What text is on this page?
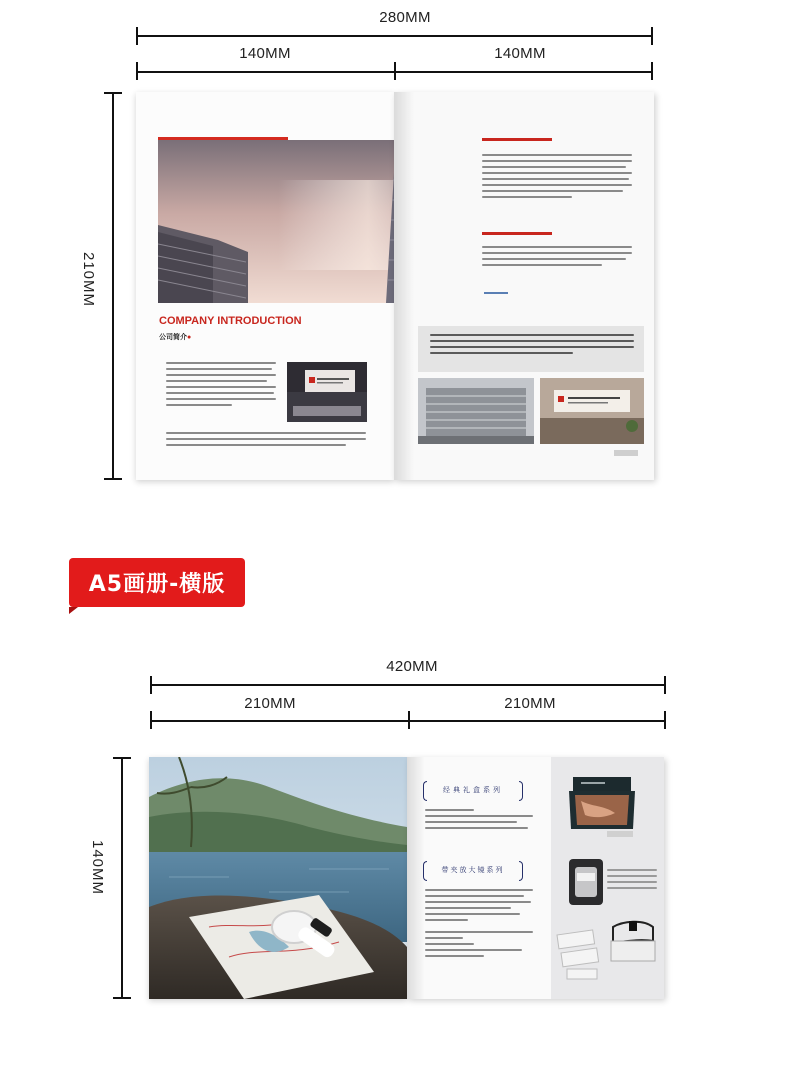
280MM
140MM	140MM
210MM
COMPANY INTRODUCTION
公司简介●
A5画册-横版
420MM
210MM	210MM
140MM
经典礼盒系列
带夹放大镜系列
